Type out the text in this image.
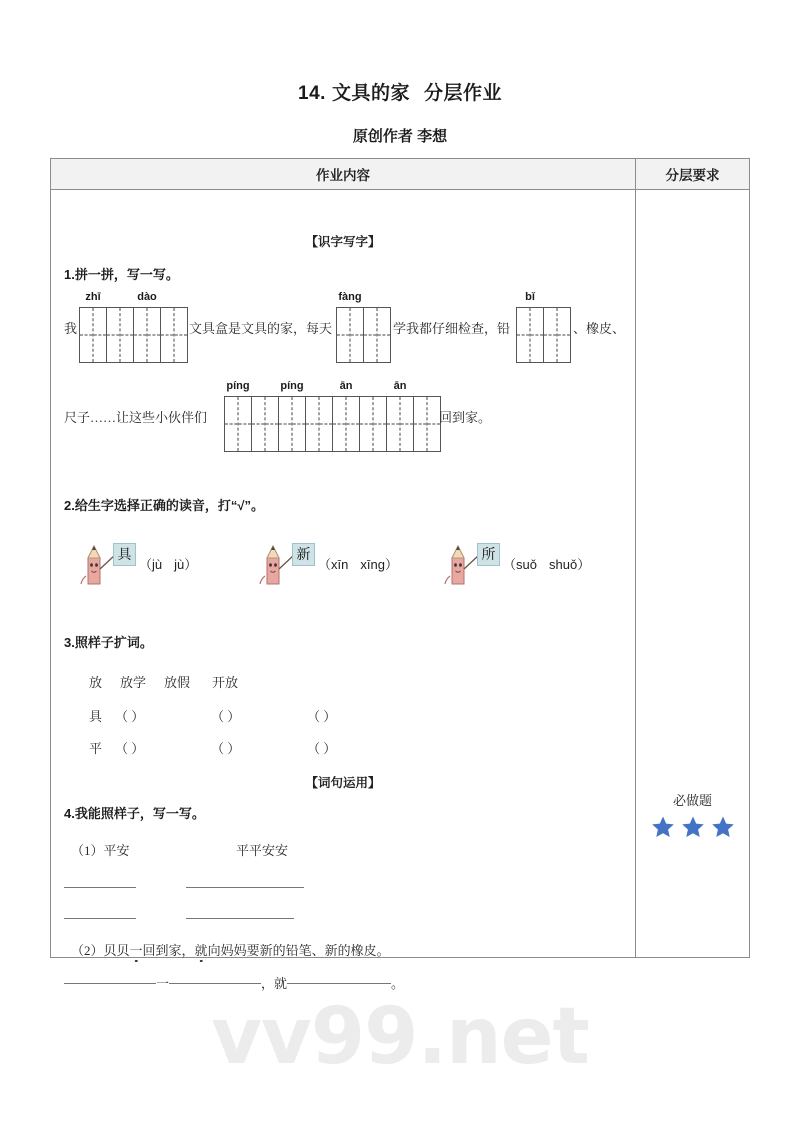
14. 文具的家 分层作业
原创作者 李想
作业内容	分层要求
【识字写字】
1.拼一拼，写一写。
我
zhī	dào
文具盒是文具的家，每天
fàng
学我都仔细检查，铅
bǐ
、橡皮、
尺子……让这些小伙伴们
píng	píng	ān	ān
回到家。
2.给生字选择正确的读音，打“√”。
具
（jù jù）
新
（xīn xīng）
所
（suǒ shuǒ）
3.照样子扩词。
放 放学 放假 开放
具 （ ）	（ ）	（ ）
平 （ ）	（ ）	（ ）
【词句运用】
4.我能照样子，写一写。
（1）平安	平平安安
（2）贝贝一回到家，就向妈妈要新的铅笔、新的橡皮。
一	，就	。
必做题

vv99.net
